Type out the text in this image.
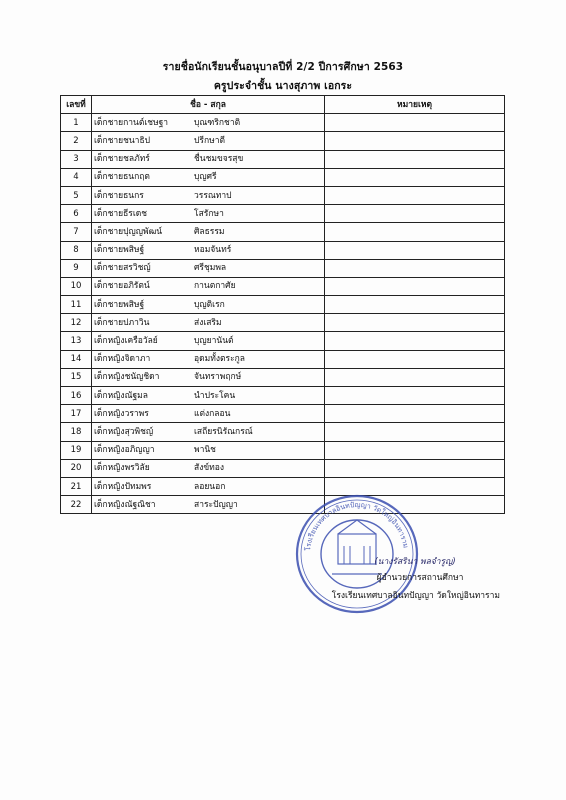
รายชื่อนักเรียนชั้นอนุบาลปีที่ 2/2 ปีการศึกษา 2563
ครูประจำชั้น นางสุภาพ เอกระ
เลขที่	ชื่อ - สกุล	หมายเหตุ
1	เด็กชายกานต์เชษฐา บุณฑริกชาติ	

2	เด็กชายชนาธิป ปรีกษาตี	

3	เด็กชายชลภัทร์ ชื่นชมขจรสุข	

4	เด็กชายธนกฤต บุญศรี	

5	เด็กชายธนกร วรรณทาป	

6	เด็กชายธีรเดช โสรักษา	

7	เด็กชายปุญญพัฒน์ ศิลธรรม	

8	เด็กชายพสิษฐ์ หอมจันทร์	

9	เด็กชายสรวิชญ์ ศรีชุมพล	

10	เด็กชายอภิรัตน์ กานตกาศัย	

11	เด็กชายพสิษฐ์ บุญติเรก	

12	เด็กชายปภาวิน ส่งเสริม	

13	เด็กหญิงเครือวัลย์ บุญยานันต์	

14	เด็กหญิงจิดาภา อุดมทั้งตระกูล	

15	เด็กหญิงชนัญชิดา จันทราพฤกษ์	

16	เด็กหญิงณัฐมล นำประโคน	

17	เด็กหญิงวราพร แต่งกลอน	

18	เด็กหญิงสุวพิชญ์ เสถียรนิรัณกรณ์	

19	เด็กหญิงอภิญญา พานิช	

20	เด็กหญิงพรวิลัย สังข์ทอง	

21	เด็กหญิงปัทมพร ลอยนอก	

22	เด็กหญิงณัฐณิชา สาระปัญญา	

โรงเรียนเทศบาลอินทปัญญา วัดใหญ่อินทาราม
(นางรัสรินา พลจำรูญ)
ผู้อำนวยการสถานศึกษา
โรงเรียนเทศบาลอินทปัญญา วัดใหญ่อินทาราม
